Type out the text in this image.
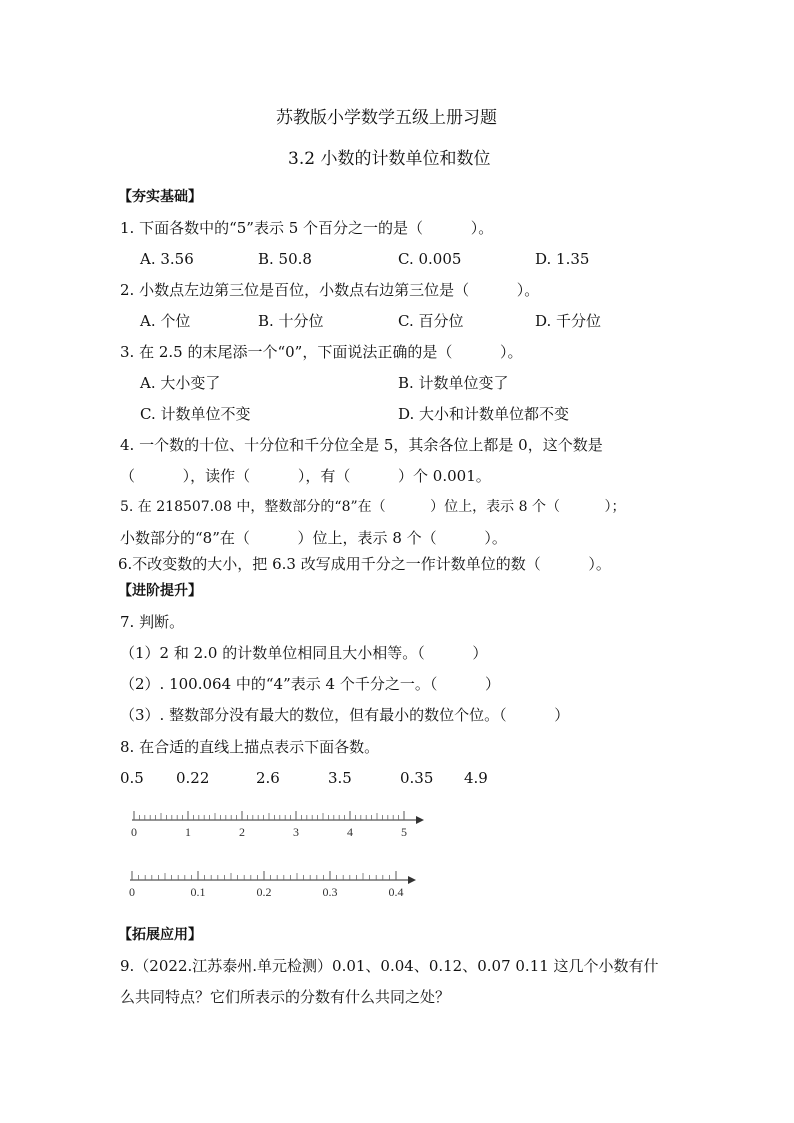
苏教版小学数学五级上册习题
3.2 小数的计数单位和数位
【夯实基础】
1. 下面各数中的“5”表示 5 个百分之一的是（          ）。
A. 3.56	B. 50.8	C. 0.005	D. 1.35
2. 小数点左边第三位是百位，小数点右边第三位是（          ）。
A. 个位	B. 十分位	C. 百分位	D. 千分位
3. 在 2.5 的末尾添一个“0”，下面说法正确的是（          ）。
A. 大小变了	B. 计数单位变了
C. 计数单位不变	D. 大小和计数单位都不变
4. 一个数的十位、十分位和千分位全是 5，其余各位上都是 0，这个数是
（          ），读作（          ），有（          ）个 0.001。
5. 在 218507.08 中，整数部分的“8”在（          ）位上，表示 8 个（          ）；
小数部分的“8”在（          ）位上，表示 8 个（          ）。
6.不改变数的大小，把 6.3 改写成用千分之一作计数单位的数（          ）。
【进阶提升】
7. 判断。
（1）2 和 2.0 的计数单位相同且大小相等。（          ）
（2）. 100.064 中的“4”表示 4 个千分之一。（          ）
（3）. 整数部分没有最大的数位，但有最小的数位个位。（          ）
8. 在合适的直线上描点表示下面各数。
0.5 0.22	2.6	3.5	0.35 4.9
0	1	2	3	4	5
0	0.1	0.2	0.3	0.4
【拓展应用】
9.（2022.江苏泰州.单元检测）0.01、0.04、0.12、0.07 0.11 这几个小数有什
么共同特点？它们所表示的分数有什么共同之处？
